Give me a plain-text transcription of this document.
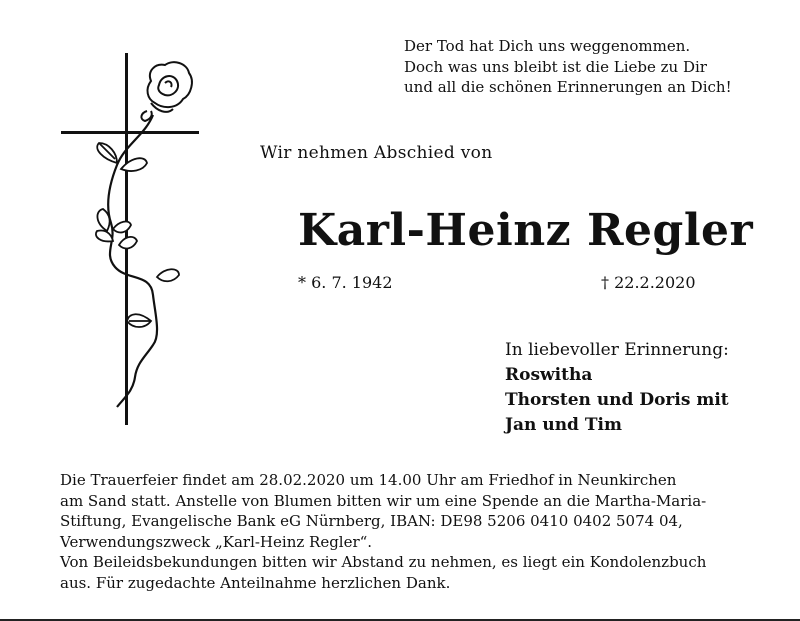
Der Tod hat Dich uns weggenommen.
Doch was uns bleibt ist die Liebe zu Dir
und all die schönen Erinnerungen an Dich!
Wir nehmen Abschied von
Karl-Heinz Regler
* 6. 7. 1942	† 22.2.2020
In liebevoller Erinnerung:
Roswitha
Thorsten und Doris mit
Jan und Tim
Die Trauerfeier findet am 28.02.2020 um 14.00 Uhr am Friedhof in Neunkirchen
am Sand statt. Anstelle von Blumen bitten wir um eine Spende an die Martha-Maria-
Stiftung, Evangelische Bank eG Nürnberg, IBAN: DE98 5206 0410 0402 5074 04,
Verwendungszweck „Karl-Heinz Regler“.
Von Beileidsbekundungen bitten wir Abstand zu nehmen, es liegt ein Kondolenzbuch
aus. Für zugedachte Anteilnahme herzlichen Dank.
